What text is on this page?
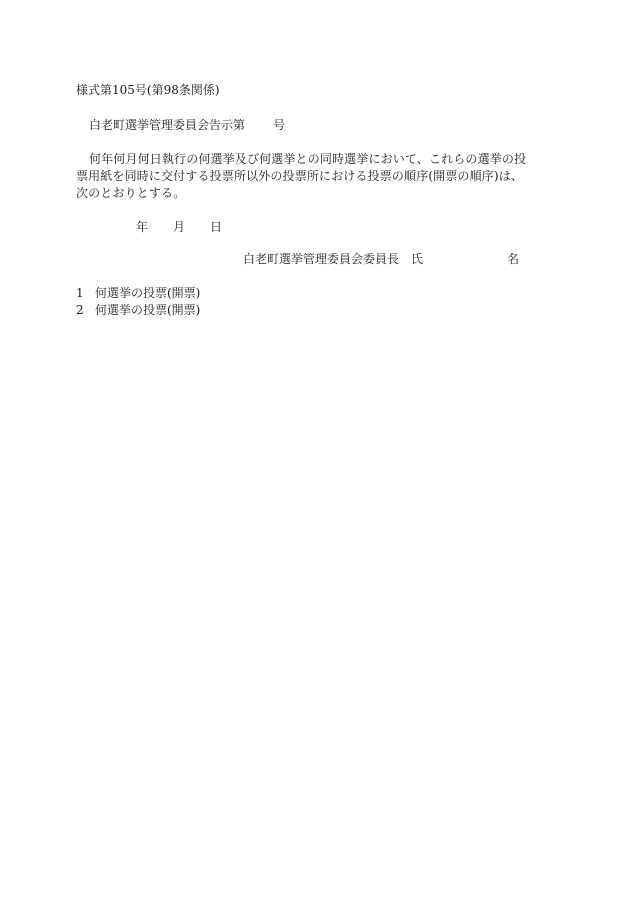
様式第105号(第98条関係)
白老町選挙管理委員会告示第 号
何年何月何日執行の何選挙及び何選挙との同時選挙において、これらの選挙の投票用紙を同時に交付する投票所以外の投票所における投票の順序(開票の順序)は、次のとおりとする。
年 月 日
白老町選挙管理委員会委員長 氏	名
1 何選挙の投票(開票)
2 何選挙の投票(開票)
